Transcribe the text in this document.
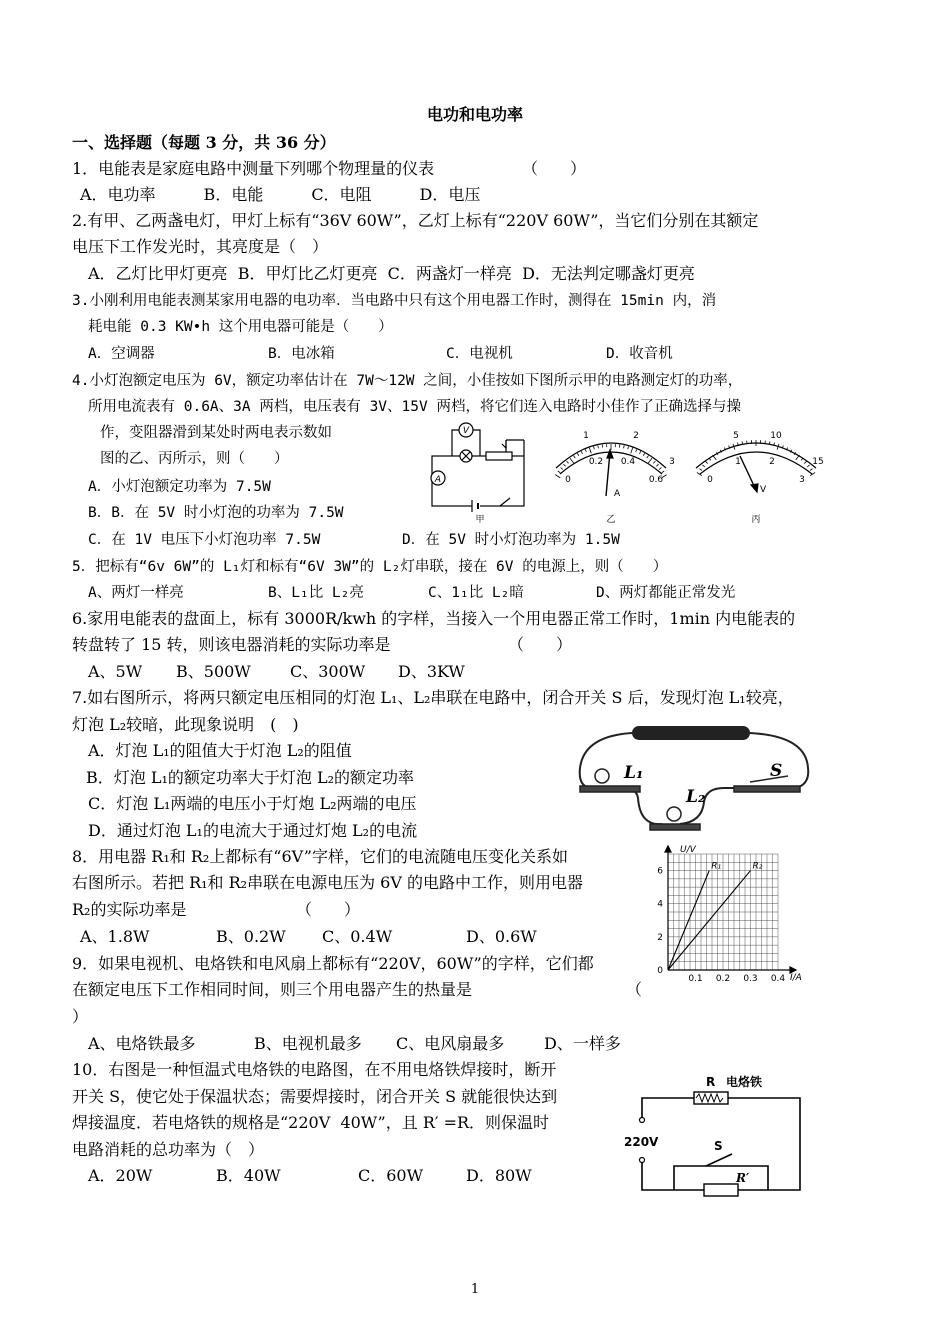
电功和电功率
一、选择题（每题 3 分，共 36 分）
1．电能表是家庭电路中测量下列哪个物理量的仪表	（　　）
A．电功率　　　B．电能　　　C．电阻　　　D．电压
2.有甲、乙两盏电灯，甲灯上标有“36V 60W”，乙灯上标有“220V 60W”，当它们分别在其额定
电压下工作发光时，其亮度是（　）
A．乙灯比甲灯更亮  B．甲灯比乙灯更亮  C．两盏灯一样亮  D．无法判定哪盏灯更亮
3.小刚利用电能表测某家用电器的电功率．当电路中只有这个用电器工作时，测得在 15min 内，消
耗电能 0.3 KW•h 这个用电器可能是（　　）
A．空调器	B．电冰箱	C．电视机	D．收音机
4.小灯泡额定电压为 6V，额定功率估计在 7W～12W 之间，小佳按如下图所示甲的电路测定灯的功率，
所用电流表有 0.6A、3A 两档，电压表有 3V、15V 两档，将它们连入电路时小佳作了正确选择与操
作，变阻器滑到某处时两电表示数如
图的乙、丙所示，则（　　）
A．小灯泡额定功率为 7.5W
B．B．在 5V 时小灯泡的功率为 7.5W
C．在 1V 电压下小灯泡功率 7.5W	D．在 5V 时小灯泡功率为 1.5W
A
V
甲
1	2
3
0
0.2 0.4
0.6
A
乙
5	10
15
0
1	2
3
V
丙
5．把标有“6v 6W”的 L₁灯和标有“6V 3W”的 L₂灯串联，接在 6V 的电源上，则（　　）
A、两灯一样亮	B、L₁比 L₂亮	C、1₁比 L₂暗	D、两灯都能正常发光
6.家用电能表的盘面上，标有 3000R/kwh 的字样，当接入一个用电器正常工作时，1min 内电能表的
转盘转了 15 转，则该电器消耗的实际功率是	（　　）
A、5W B、500W C、300W D、3KW
7.如右图所示，将两只额定电压相同的灯泡 L₁、L₂串联在电路中，闭合开关 S 后，发现灯泡 L₁较亮，
灯泡 L₂较暗，此现象说明　(　)
A．灯泡 L₁的阻值大于灯泡 L₂的阻值
B．灯泡 L₁的额定功率大于灯泡 L₂的额定功率
C．灯泡 L₁两端的电压小于灯炮 L₂两端的电压
D．通过灯泡 L₁的电流大于通过灯炮 L₂的电流
L₁
L₂
S
8．用电器 R₁和 R₂上都标有“6V”字样，它们的电流随电压变化关系如
右图所示。若把 R₁和 R₂串联在电源电压为 6V 的电路中工作，则用电器
R₂的实际功率是	（　　）
A、1.8W	B、0.2W C、0.4W	D、0.6W
R₁	R₂
0.1 0.2 0.3 0.4
0
2
4
6
U/V
I/A
9．如果电视机、电烙铁和电风扇上都标有“220V，60W”的字样，它们都
在额定电压下工作相同时间，则三个用电器产生的热量是	（
）
A、电烙铁最多	B、电视机最多 C、电风扇最多 D、一样多
10．右图是一种恒温式电烙铁的电路图，在不用电烙铁焊接时，断开
开关 S，使它处于保温状态；需要焊接时，闭合开关 S 就能很快达到
焊接温度．若电烙铁的规格是“220V  40W”，且 R′ =R．则保温时
电路消耗的总功率为（　）
A．20W	B．40W	C．60W	D．80W
R 电烙铁
220V	S
R′
1
